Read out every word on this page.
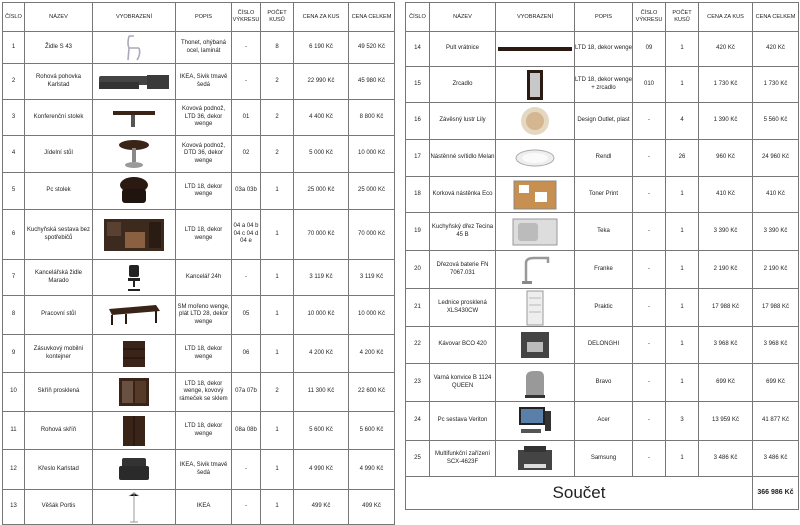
ČÍSLO	NÁZEV	VYOBRAZENÍ	POPIS	ČÍSLO VÝKRESU	POČET KUSŮ	CENA ZA KUS	CENA CELKEM
1	Židle S 43		Thonet, ohýbaná ocel, laminát	-	8	6 190 Kč	49 520 Kč
2	Rohová pohovka Karlstad		IKEA, Sivik tmavě šedá	-	2	22 990 Kč	45 980 Kč
3	Konferenční stolek		Kovová podnož, LTD 36, dekor wenge	01	2	4 400 Kč	8 800 Kč
4	Jídelní stůl		Kovová podnož, DTD 36, dekor wenge	02	2	5 000 Kč	10 000 Kč
5	Pc stolek		LTD 18, dekor wenge	03a 03b	1	25 000 Kč	25 000 Kč
6	Kuchyňská sestava bez spotřebičů		LTD 18, dekor wenge	04 a 04 b 04 c 04 d 04 e	1	70 000 Kč	70 000 Kč
7	Kancelářská židle Marado		Kancelář 24h	-	1	3 119 Kč	3 119 Kč
8	Pracovní stůl		SM mořeno wenge, plát LTD 28, dekor wenge	05	1	10 000 Kč	10 000 Kč
9	Zásuvkový mobilní kontejner		LTD 18, dekor wenge	06	1	4 200 Kč	4 200 Kč
10	Skříň prosklená		LTD 18, dekor wenge, kovový rámeček se sklem	07a 07b	2	11 300 Kč	22 600 Kč
11	Rohová skříň		LTD 18, dekor wenge	08a 08b	1	5 600 Kč	5 600 Kč
12	Křeslo Karlstad		IKEA, Sivik tmavě šedá	-	1	4 990 Kč	4 990 Kč
13	Věšák Portis		IKEA	-	1	499 Kč	499 Kč
ČÍSLO	NÁZEV	VYOBRAZENÍ	POPIS	ČÍSLO VÝKRESU	POČET KUSŮ	CENA ZA KUS	CENA CELKEM
14	Pult vrátnice		LTD 18, dekor wenge	09	1	420 Kč	420 Kč
15	Zrcadlo		LTD 18, dekor wenge + zrcadlo	010	1	1 730 Kč	1 730 Kč
16	Závěsný lustr Lily		Design Outlet, plast	-	4	1 390 Kč	5 560 Kč
17	Nástěnné svítidlo Melan		Rendl	-	26	960 Kč	24 960 Kč
18	Korková nástěnka Eco		Toner Print	-	1	410 Kč	410 Kč
19	Kuchyňský dřez Tecina 45 B		Teka	-	1	3 390 Kč	3 390 Kč
20	Dřezová baterie FN 7067.031		Franke	-	1	2 190 Kč	2 190 Kč
21	Lednice prosklená XLS430CW		Praktic	-	1	17 988 Kč	17 988 Kč
22	Kávovar BCO 420		DELONGHI	-	1	3 968 Kč	3 968 Kč
23	Varná konvice B 1124 QUEEN		Bravo	-	1	699 Kč	699 Kč
24	Pc sestava Veriton		Acer	-	3	13 959 Kč	41 877 Kč
25	Multifunkční zařízení SCX-4623F		Samsung	-	1	3 486 Kč	3 486 Kč
Součet							366 986 Kč
